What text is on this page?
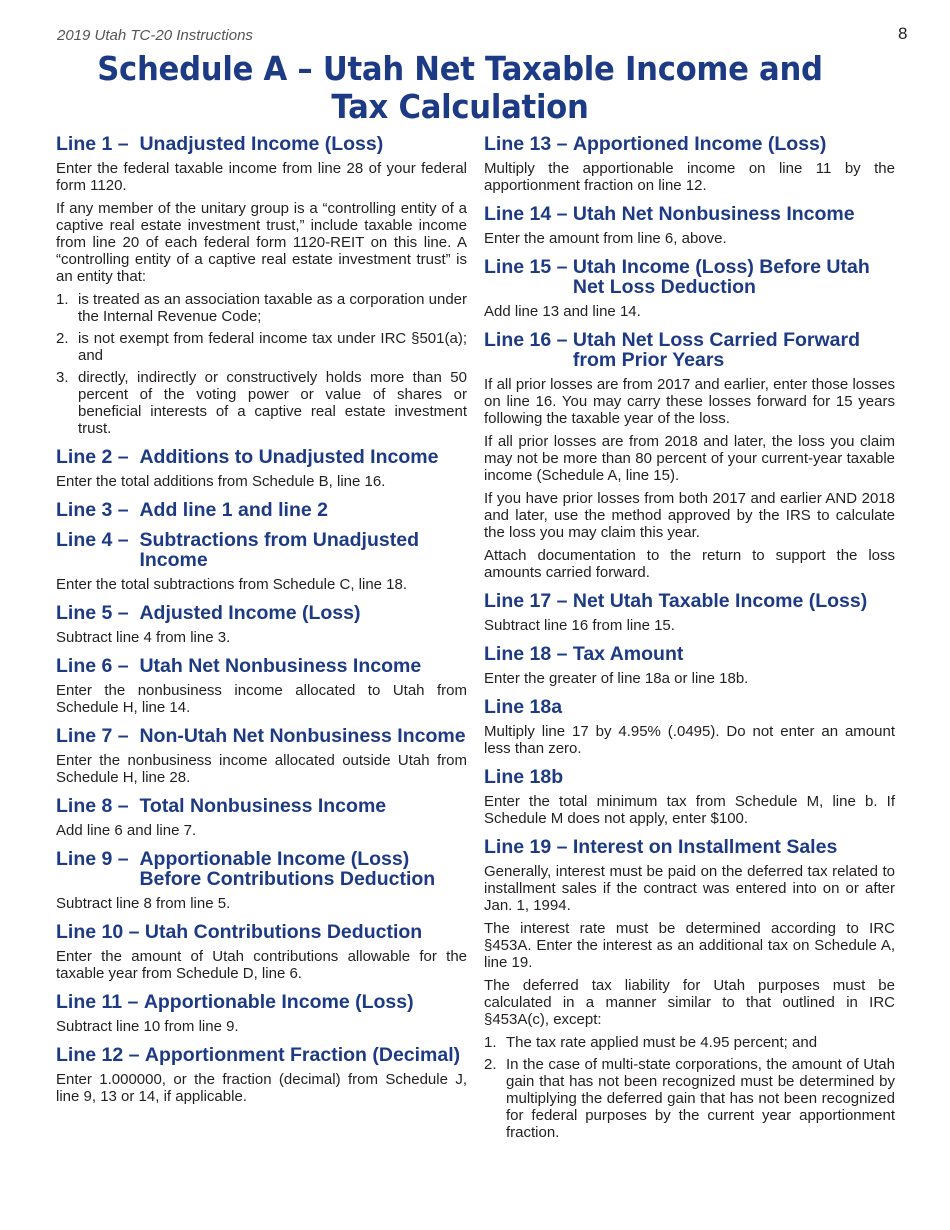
2019 Utah TC-20 Instructions	8
Schedule A – Utah Net Taxable Income and Tax Calculation
Line 1 – Unadjusted Income (Loss)

Enter the federal taxable income from line 28 of your federal form 1120.

If any member of the unitary group is a “controlling entity of a captive real estate investment trust,” include taxable income from line 20 of each federal form 1120-REIT on this line. A “controlling entity of a captive real estate investment trust” is an entity that:

1. is treated as an association taxable as a corporation under the Internal Revenue Code;
2. is not exempt from federal income tax under IRC §501(a); and
3. directly, indirectly or constructively holds more than 50 percent of the voting power or value of shares or beneficial interests of a captive real estate investment trust.
Line 2 – Additions to Unadjusted Income

Enter the total additions from Schedule B, line 16.

Line 3 – Add line 1 and line 2
Line 4 – Subtractions from Unadjusted Income

Enter the total subtractions from Schedule C, line 18.

Line 5 – Adjusted Income (Loss)

Subtract line 4 from line 3.

Line 6 – Utah Net Nonbusiness Income

Enter the nonbusiness income allocated to Utah from Schedule H, line 14.

Line 7 – Non-Utah Net Nonbusiness Income

Enter the nonbusiness income allocated outside Utah from Schedule H, line 28.

Line 8 – Total Nonbusiness Income

Add line 6 and line 7.

Line 9 – Apportionable Income (Loss) Before Contributions Deduction

Subtract line 8 from line 5.

Line 10 – Utah Contributions Deduction

Enter the amount of Utah contributions allowable for the taxable year from Schedule D, line 6.

Line 11 – Apportionable Income (Loss)

Subtract line 10 from line 9.

Line 12 – Apportionment Fraction (Decimal)

Enter 1.000000, or the fraction (decimal) from Schedule J, line 9, 13 or 14, if applicable.

Line 13 – Apportioned Income (Loss)

Multiply the apportionable income on line 11 by the apportionment fraction on line 12.

Line 14 – Utah Net Nonbusiness Income

Enter the amount from line 6, above.

Line 15 – Utah Income (Loss) Before Utah Net Loss Deduction

Add line 13 and line 14.

Line 16 – Utah Net Loss Carried Forward from Prior Years

If all prior losses are from 2017 and earlier, enter those losses on line 16. You may carry these losses forward for 15 years following the taxable year of the loss.

If all prior losses are from 2018 and later, the loss you claim may not be more than 80 percent of your current-year taxable income (Schedule A, line 15).

If you have prior losses from both 2017 and earlier AND 2018 and later, use the method approved by the IRS to calculate the loss you may claim this year.

Attach documentation to the return to support the loss amounts carried forward.

Line 17 – Net Utah Taxable Income (Loss)

Subtract line 16 from line 15.

Line 18 – Tax Amount

Enter the greater of line 18a or line 18b.

Line 18a

Multiply line 17 by 4.95% (.0495). Do not enter an amount less than zero.

Line 18b

Enter the total minimum tax from Schedule M, line b. If Schedule M does not apply, enter $100.

Line 19 – Interest on Installment Sales

Generally, interest must be paid on the deferred tax related to installment sales if the contract was entered into on or after Jan. 1, 1994.

The interest rate must be determined according to IRC §453A. Enter the interest as an additional tax on Schedule A, line 19.

The deferred tax liability for Utah purposes must be calculated in a manner similar to that outlined in IRC §453A(c), except:

1. The tax rate applied must be 4.95 percent; and
2. In the case of multi-state corporations, the amount of Utah gain that has not been recognized must be determined by multiplying the deferred gain that has not been recognized for federal purposes by the current year apportionment fraction.
